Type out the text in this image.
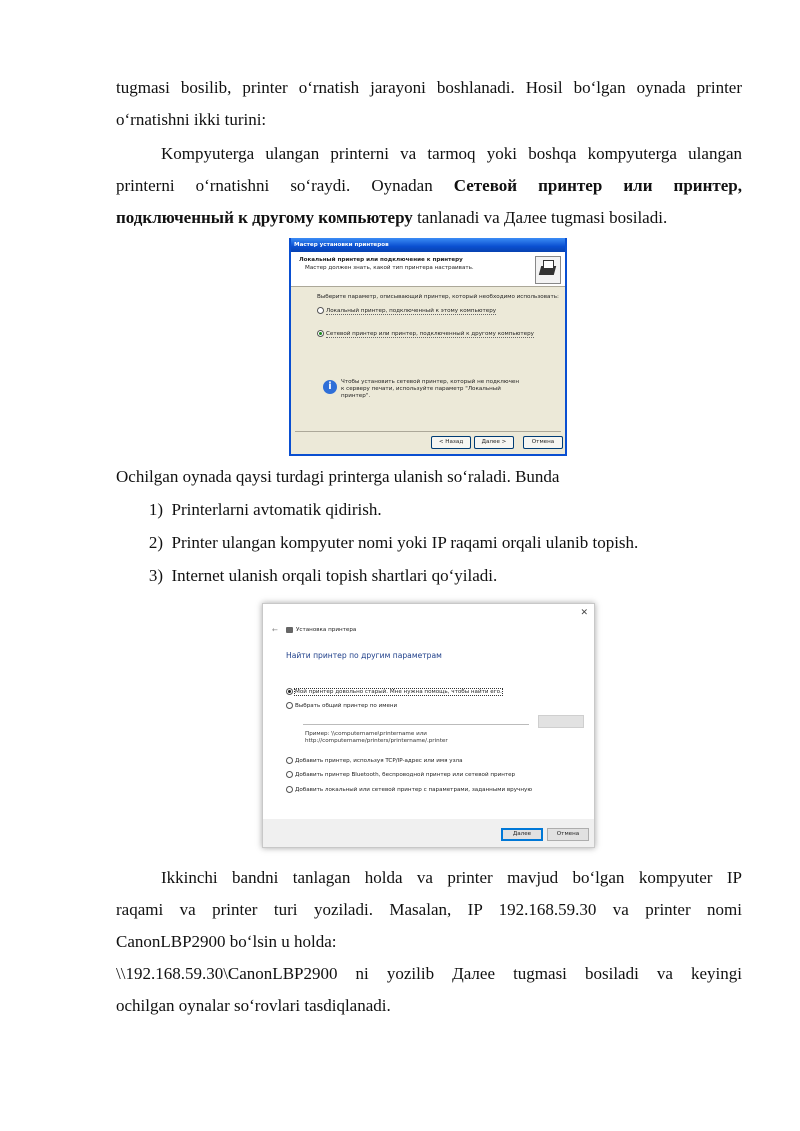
tugmasi bosilib, printer o‘rnatish jarayoni boshlanadi. Hosil bo‘lgan oynada printer

o‘rnatishni ikki turini:

Kompyuterga ulangan printerni va tarmoq yoki boshqa kompyuterga ulangan

printerni o‘rnatishni so‘raydi. Oynadan Сетевой принтер или принтер,

подключенный к другому компьютеру tanlanadi va Далее tugmasi bosiladi.

Мастер установки принтеров
Локальный принтер или подключение к принтеру
Мастер должен знать, какой тип принтера настраивать.
Выберите параметр, описывающий принтер, который необходимо использовать:
Локальный принтер, подключенный к этому компьютеру
Сетевой принтер или принтер, подключенный к другому компьютеру
i	Чтобы установить сетевой принтер, который не подключен
к серверу печати, используйте параметр "Локальный принтер".
< Назад	Далее >	Отмена

Ochilgan oynada qaysi turdagi printerga ulanish so‘raladi. Bunda

1) Printerlarni avtomatik qidirish.
2) Printer ulangan kompyuter nomi yoki IP raqami orqali ulanib topish.
3) Internet ulanish orqali topish shartlari qo‘yiladi.
✕
←	Установка принтера
Найти принтер по другим параметрам
Мой принтер довольно старый. Мне нужна помощь, чтобы найти его.
Выбрать общий принтер по имени
Пример: \\computername\printername или
http://computername/printers/printername/.printer
Добавить принтер, используя TCP/IP-адрес или имя узла
Добавить принтер Bluetooth, беспроводной принтер или сетевой принтер
Добавить локальный или сетевой принтер с параметрами, заданными вручную
Далее	Отмена

Ikkinchi bandni tanlagan holda va printer mavjud bo‘lgan kompyuter IP

raqami va printer turi yoziladi. Masalan, IP 192.168.59.30 va printer nomi

CanonLBP2900 bo‘lsin u holda:

\\192.168.59.30\CanonLBP2900 ni yozilib Далее tugmasi bosiladi va keyingi

ochilgan oynalar so‘rovlari tasdiqlanadi.
